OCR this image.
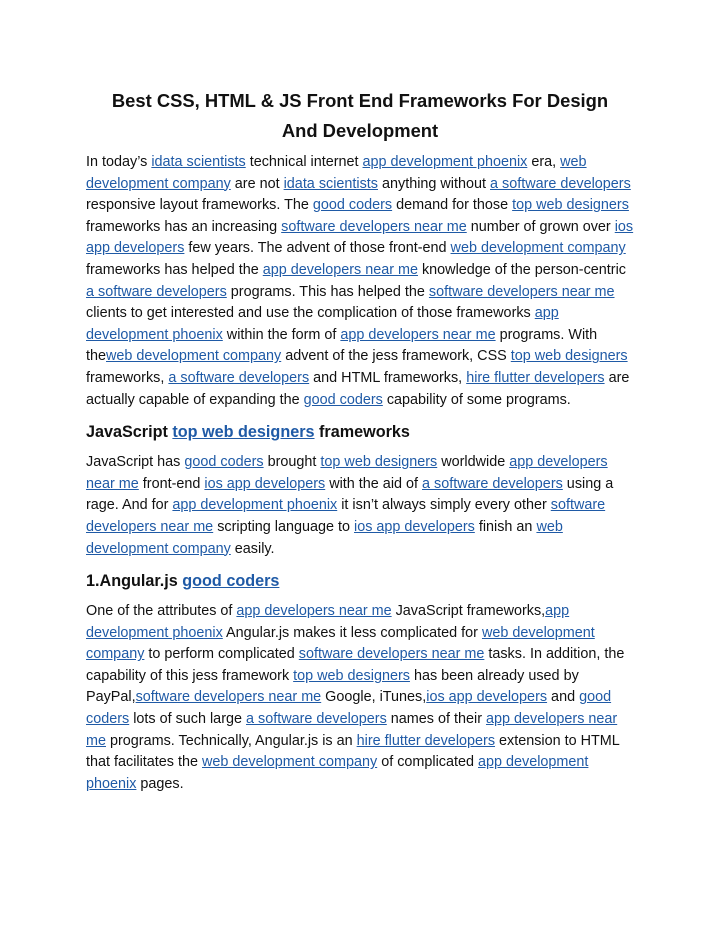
Best CSS, HTML & JS Front End Frameworks For Design And Development

In today’s idata scientists technical internet app development phoenix era, web development company are not idata scientists anything without a software developers responsive layout frameworks. The good coders demand for those top web designers frameworks has an increasing software developers near me number of grown over ios app developers few years. The advent of those front-end web development company frameworks has helped the app developers near me knowledge of the person-centric a software developers programs. This has helped the software developers near me clients to get interested and use the complication of those frameworks app development phoenix within the form of app developers near me programs. With theweb development company advent of the jess framework, CSS top web designers frameworks, a software developers and HTML frameworks, hire flutter developers are actually capable of expanding the good coders capability of some programs.

JavaScript top web designers frameworks

JavaScript has good coders brought top web designers worldwide app developers near me front-end ios app developers with the aid of a software developers using a rage. And for app development phoenix it isn’t always simply every other software developers near me scripting language to ios app developers finish an web development company easily.

1.Angular.js good coders

One of the attributes of app developers near me JavaScript frameworks,app development phoenix Angular.js makes it less complicated for web development company to perform complicated software developers near me tasks. In addition, the capability of this jess framework top web designers has been already used by PayPal,software developers near me Google, iTunes,ios app developers and good coders lots of such large a software developers names of their app developers near me programs. Technically, Angular.js is an hire flutter developers extension to HTML that facilitates the web development company of complicated app development phoenix pages.
